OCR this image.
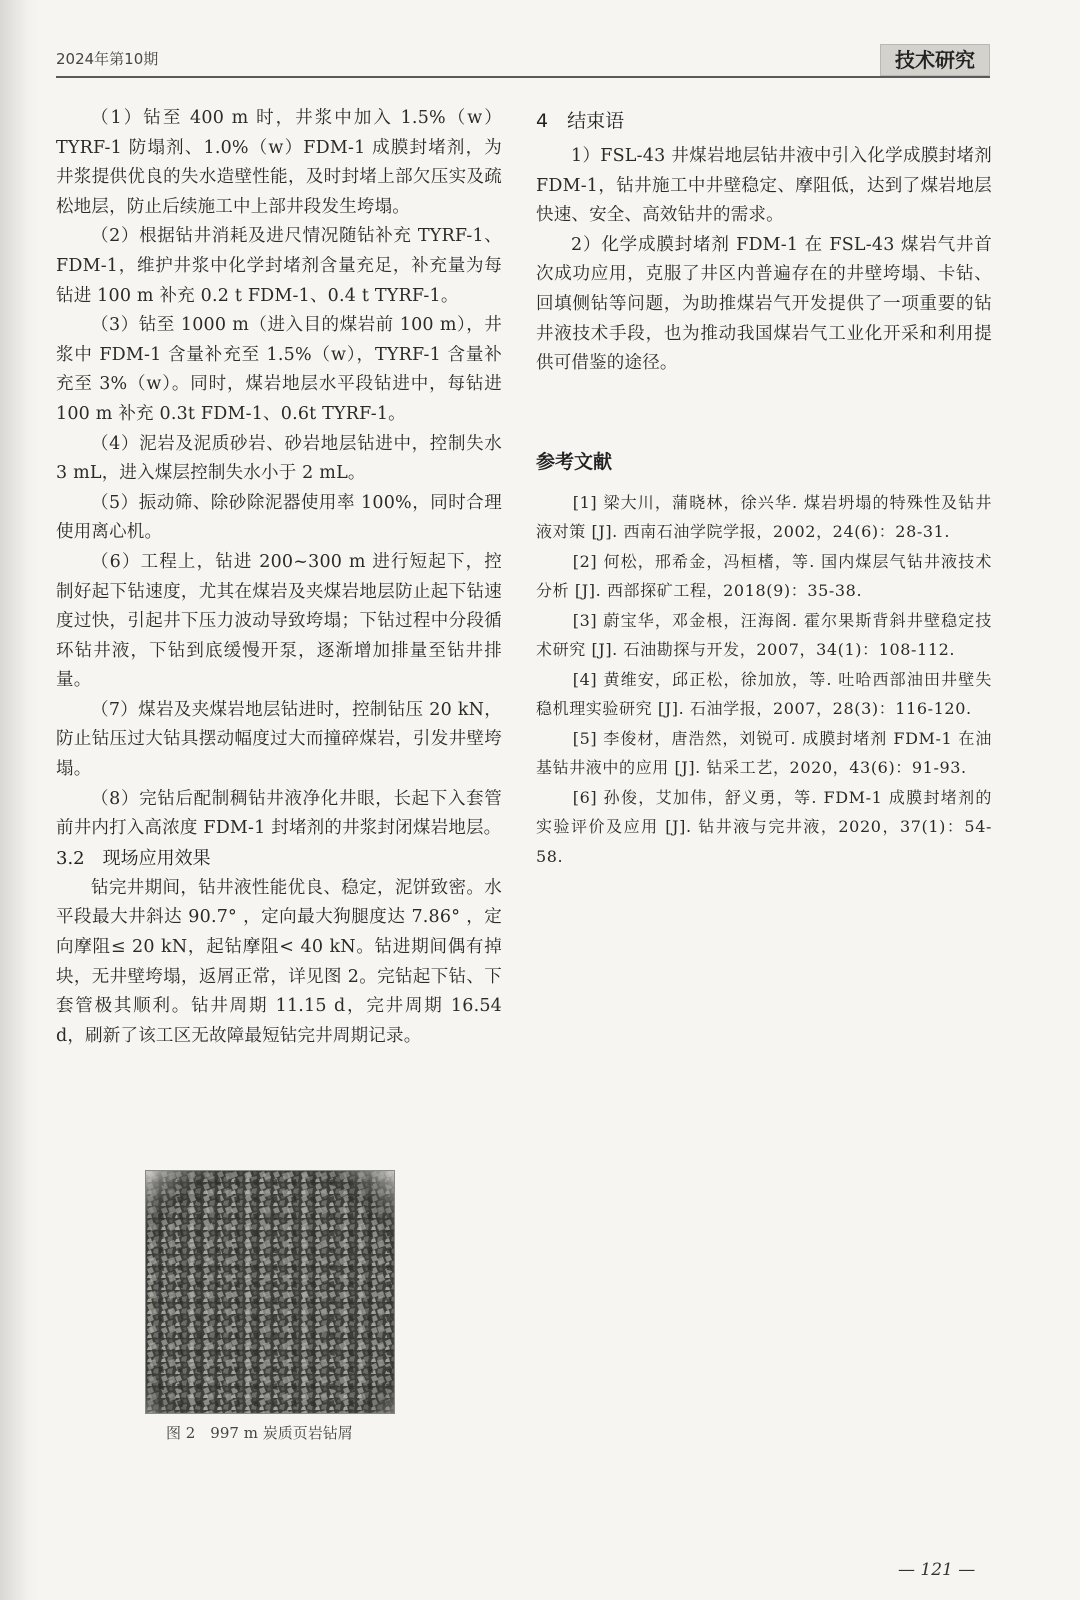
2024年第10期	技术研究

（1）钻至 400 m 时，井浆中加入 1.5%（w）TYRF-1 防塌剂、1.0%（w）FDM-1 成膜封堵剂，为井浆提供优良的失水造壁性能，及时封堵上部欠压实及疏松地层，防止后续施工中上部井段发生垮塌。

（2）根据钻井消耗及进尺情况随钻补充 TYRF-1、FDM-1，维护井浆中化学封堵剂含量充足，补充量为每钻进 100 m 补充 0.2 t FDM-1、0.4 t TYRF-1。

（3）钻至 1000 m（进入目的煤岩前 100 m），井浆中 FDM-1 含量补充至 1.5%（w），TYRF-1 含量补充至 3%（w）。同时，煤岩地层水平段钻进中，每钻进 100 m 补充 0.3t FDM-1、0.6t TYRF-1。

（4）泥岩及泥质砂岩、砂岩地层钻进中，控制失水 3 mL，进入煤层控制失水小于 2 mL。

（5）振动筛、除砂除泥器使用率 100%，同时合理使用离心机。

（6）工程上，钻进 200~300 m 进行短起下，控制好起下钻速度，尤其在煤岩及夹煤岩地层防止起下钻速度过快，引起井下压力波动导致垮塌；下钻过程中分段循环钻井液，下钻到底缓慢开泵，逐渐增加排量至钻井排量。

（7）煤岩及夹煤岩地层钻进时，控制钻压 20 kN，防止钻压过大钻具摆动幅度过大而撞碎煤岩，引发井壁垮塌。

（8）完钻后配制稠钻井液净化井眼，长起下入套管前井内打入高浓度 FDM-1 封堵剂的井浆封闭煤岩地层。

3.2　现场应用效果

钻完井期间，钻井液性能优良、稳定，泥饼致密。水平段最大井斜达 90.7° ，定向最大狗腿度达 7.86° ，定向摩阻≤ 20 kN，起钻摩阻< 40 kN。钻进期间偶有掉块，无井壁垮塌，返屑正常，详见图 2。完钻起下钻、下套管极其顺利。钻井周期 11.15 d，完井周期 16.54 d，刷新了该工区无故障最短钻完井周期记录。

图 2　997 m 炭质页岩钻屑

4　结束语

1）FSL-43 井煤岩地层钻井液中引入化学成膜封堵剂 FDM-1，钻井施工中井壁稳定、摩阻低，达到了煤岩地层快速、安全、高效钻井的需求。

2）化学成膜封堵剂 FDM-1 在 FSL-43 煤岩气井首次成功应用，克服了井区内普遍存在的井壁垮塌、卡钻、回填侧钻等问题，为助推煤岩气开发提供了一项重要的钻井液技术手段，也为推动我国煤岩气工业化开采和利用提供可借鉴的途径。

参考文献

[1] 梁大川，蒲晓林，徐兴华. 煤岩坍塌的特殊性及钻井液对策 [J]. 西南石油学院学报，2002，24(6)：28-31.

[2] 何松，邢希金，冯桓榰，等. 国内煤层气钻井液技术分析 [J]. 西部探矿工程，2018(9)：35-38.

[3] 蔚宝华，邓金根，汪海阁. 霍尔果斯背斜井壁稳定技术研究 [J]. 石油勘探与开发，2007，34(1)：108-112.

[4] 黄维安，邱正松，徐加放，等. 吐哈西部油田井壁失稳机理实验研究 [J]. 石油学报，2007，28(3)：116-120.

[5] 李俊材，唐浩然，刘锐可. 成膜封堵剂 FDM-1 在油基钻井液中的应用 [J]. 钻采工艺，2020，43(6)：91-93.

[6] 孙俊，艾加伟，舒义勇，等. FDM-1 成膜封堵剂的实验评价及应用 [J]. 钻井液与完井液，2020，37(1)：54-58.

— 121 —
